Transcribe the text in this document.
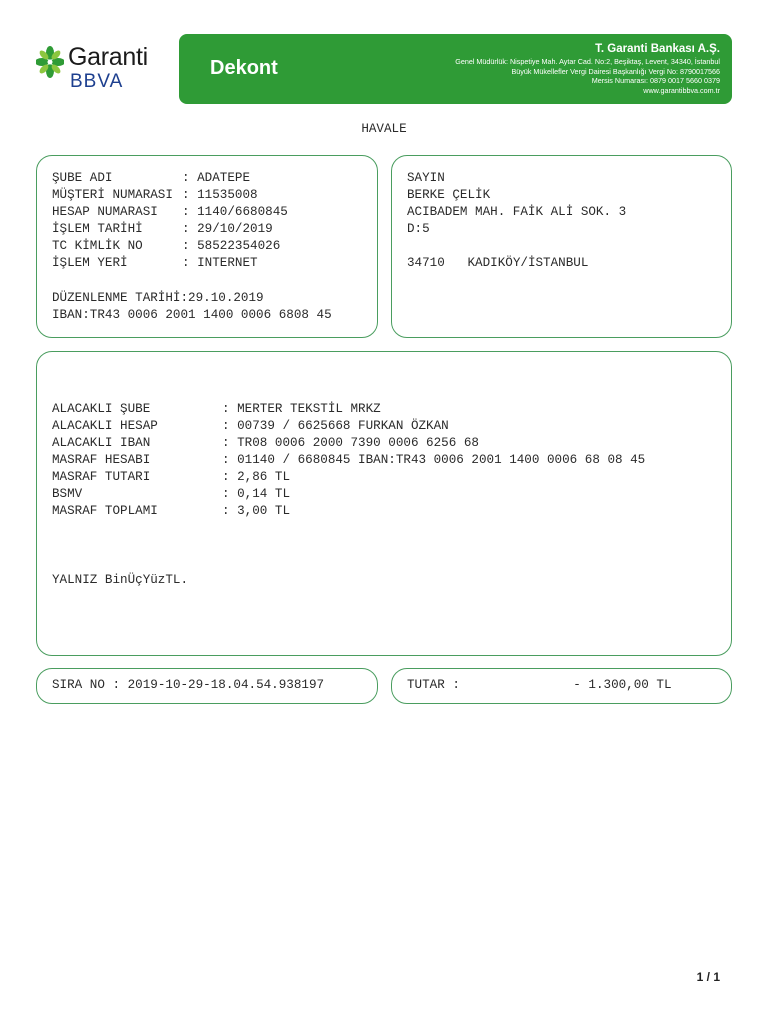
Garanti
BBVA
Dekont
T. Garanti Bankası A.Ş.
Genel Müdürlük: Nispetiye Mah. Aytar Cad. No:2, Beşiktaş, Levent, 34340, İstanbul
Büyük Mükellefler Vergi Dairesi Başkanlığı Vergi No: 8790017566
Mersis Numarası: 0879 0017 5660 0379
www.garantibbva.com.tr
HAVALE
ŞUBE ADI	: ADATEPE
MÜŞTERİ NUMARASI : 11535008
HESAP NUMARASI : 1140/6680845
İŞLEM TARİHİ	: 29/10/2019
TC KİMLİK NO	: 58522354026
İŞLEM YERİ	: INTERNET
DÜZENLENME TARİHİ:29.10.2019
IBAN:TR43 0006 2001 1400 0006 6808 45
SAYIN
BERKE ÇELİK
ACIBADEM MAH. FAİK ALİ SOK. 3
D:5
34710 KADIKÖY/İSTANBUL
ALACAKLI ŞUBE	: MERTER TEKSTİL MRKZ
ALACAKLI HESAP	: 00739 / 6625668 FURKAN ÖZKAN
ALACAKLI IBAN	: TR08 0006 2000 7390 0006 6256 68
MASRAF HESABI	: 01140 / 6680845 IBAN:TR43 0006 2001 1400 0006 68 08 45
MASRAF TUTARI	: 2,86 TL
BSMV	: 0,14 TL
MASRAF TOPLAMI	: 3,00 TL
YALNIZ BinÜçYüzTL.
SIRA NO : 2019-10-29-18.04.54.938197	TUTAR :	- 1.300,00 TL
1 / 1
